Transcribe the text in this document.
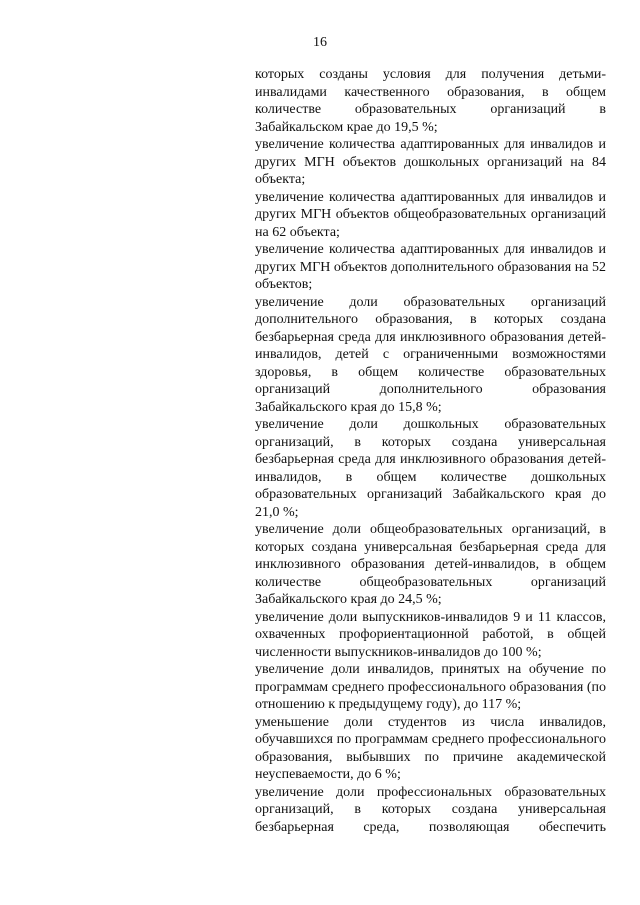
16

которых созданы условия для получения детьми-инвалидами качественного образования, в общем количестве образовательных организаций в Забайкальском крае до 19,5 %;

увеличение количества адаптированных для инвалидов и других МГН объектов дошкольных организаций на 84 объекта;

увеличение количества адаптированных для инвалидов и других МГН объектов общеобразовательных организаций на 62 объекта;

увеличение количества адаптированных для инвалидов и других МГН объектов дополнительного образования на 52 объектов;

увеличение доли образовательных организаций дополнительного образования, в которых создана безбарьерная среда для инклюзивного образования детей-инвалидов, детей с ограниченными возможностями здоровья, в общем количестве образовательных организаций дополнительного образования Забайкальского края до 15,8 %;

увеличение доли дошкольных образовательных организаций, в которых создана универсальная безбарьерная среда для инклюзивного образования детей-инвалидов, в общем количестве дошкольных образовательных организаций Забайкальского края до 21,0 %;

увеличение доли общеобразовательных организаций, в которых создана универсальная безбарьерная среда для инклюзивного образования детей-инвалидов, в общем количестве общеобразовательных организаций Забайкальского края до 24,5 %;

увеличение доли выпускников-инвалидов 9 и 11 классов, охваченных профориентационной работой, в общей численности выпускников-инвалидов до 100 %;

увеличение доли инвалидов, принятых на обучение по программам среднего профессионального образования (по отношению к предыдущему году), до 117 %;

уменьшение доли студентов из числа инвалидов, обучавшихся по программам среднего профессионального образования, выбывших по причине академической неуспеваемости, до 6 %;

увеличение доли профессиональных образовательных организаций, в которых создана универсальная безбарьерная среда, позволяющая обеспечить
